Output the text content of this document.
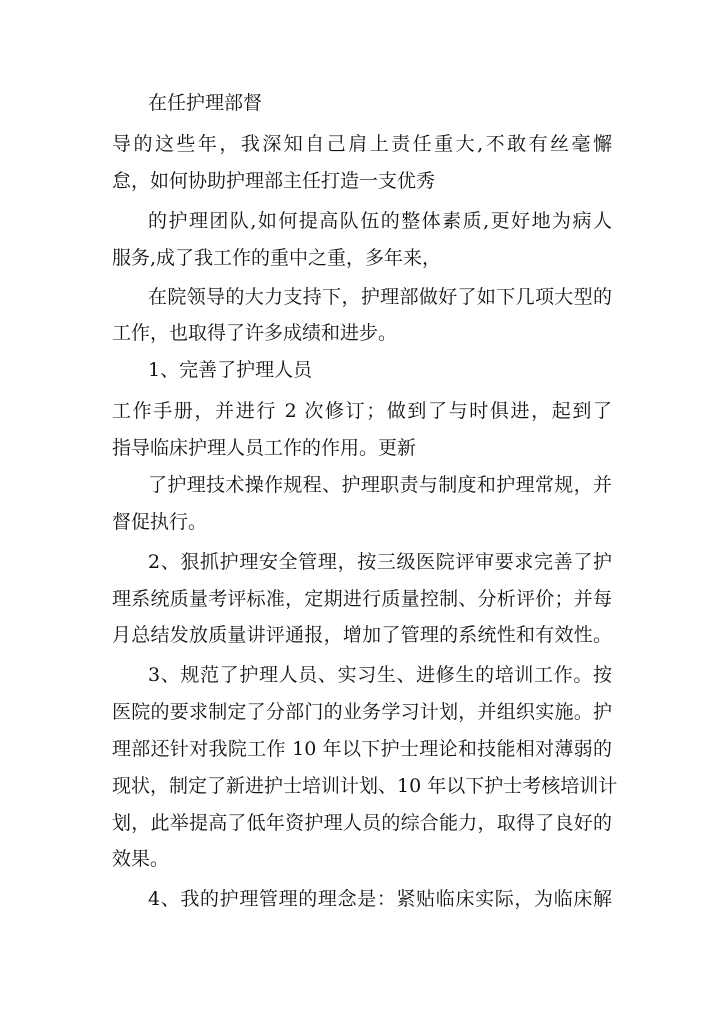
在任护理部督
导的这些年，我深知自己肩上责任重大,不敢有丝毫懈
怠，如何协助护理部主任打造一支优秀
的护理团队,如何提高队伍的整体素质,更好地为病人
服务,成了我工作的重中之重，多年来，
在院领导的大力支持下，护理部做好了如下几项大型的
工作，也取得了许多成绩和进步。
1、完善了护理人员
工作手册，并进行 2 次修订；做到了与时俱进，起到了
指导临床护理人员工作的作用。更新
了护理技术操作规程、护理职责与制度和护理常规，并
督促执行。
2、狠抓护理安全管理，按三级医院评审要求完善了护
理系统质量考评标准，定期进行质量控制、分析评价；并每
月总结发放质量讲评通报，增加了管理的系统性和有效性。
3、规范了护理人员、实习生、进修生的培训工作。按
医院的要求制定了分部门的业务学习计划，并组织实施。护
理部还针对我院工作 10 年以下护士理论和技能相对薄弱的
现状，制定了新进护士培训计划、10 年以下护士考核培训计
划，此举提高了低年资护理人员的综合能力，取得了良好的
效果。
4、我的护理管理的理念是：紧贴临床实际，为临床解
